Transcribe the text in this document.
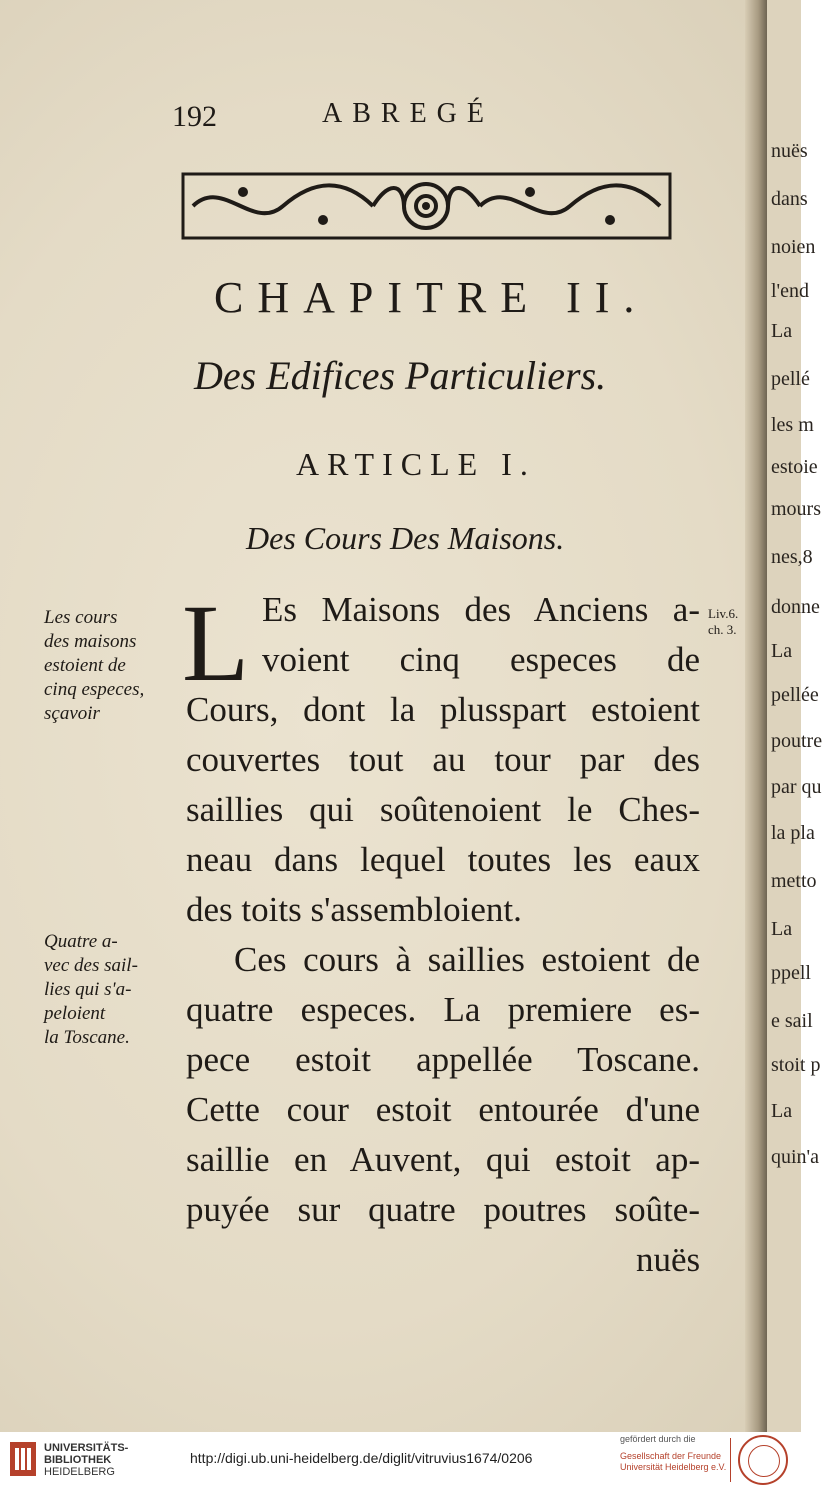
192	ABREGÉ
CHAPITRE II.
Des Edifices Particuliers.
ARTICLE I.
Des Cours Des Maisons.
L Es Maisons des Anciens a-
voient cinq especes de
Cours, dont la plusspart estoient
couvertes tout au tour par des
saillies qui soûtenoient le Ches-
neau dans lequel toutes les eaux
des toits s'assembloient.
Ces cours à saillies estoient de
quatre especes. La premiere es-
pece estoit appellée Toscane.
Cette cour estoit entourée d'une
saillie en Auvent, qui estoit ap-
puyée sur quatre poutres soûte-
nuës
Les cours
des maisons
estoient de
cinq especes,
sçavoir
Quatre a-
vec des sail-
lies qui s'a-
peloient
la Toscane.
Liv.6.
ch. 3.
nuës
dans
noien
l'end
La
pellé
les m
estoie
mours
nes,8
donne
La
pellée
poutre
par qu
la pla
metto
La
ppell
e sail
stoit p
La
quin'a
UNIVERSITÄTS-
BIBLIOTHEK
HEIDELBERG
http://digi.ub.uni-heidelberg.de/diglit/vitruvius1674/0206
gefördert durch die
Gesellschaft der Freunde
Universität Heidelberg e.V.
